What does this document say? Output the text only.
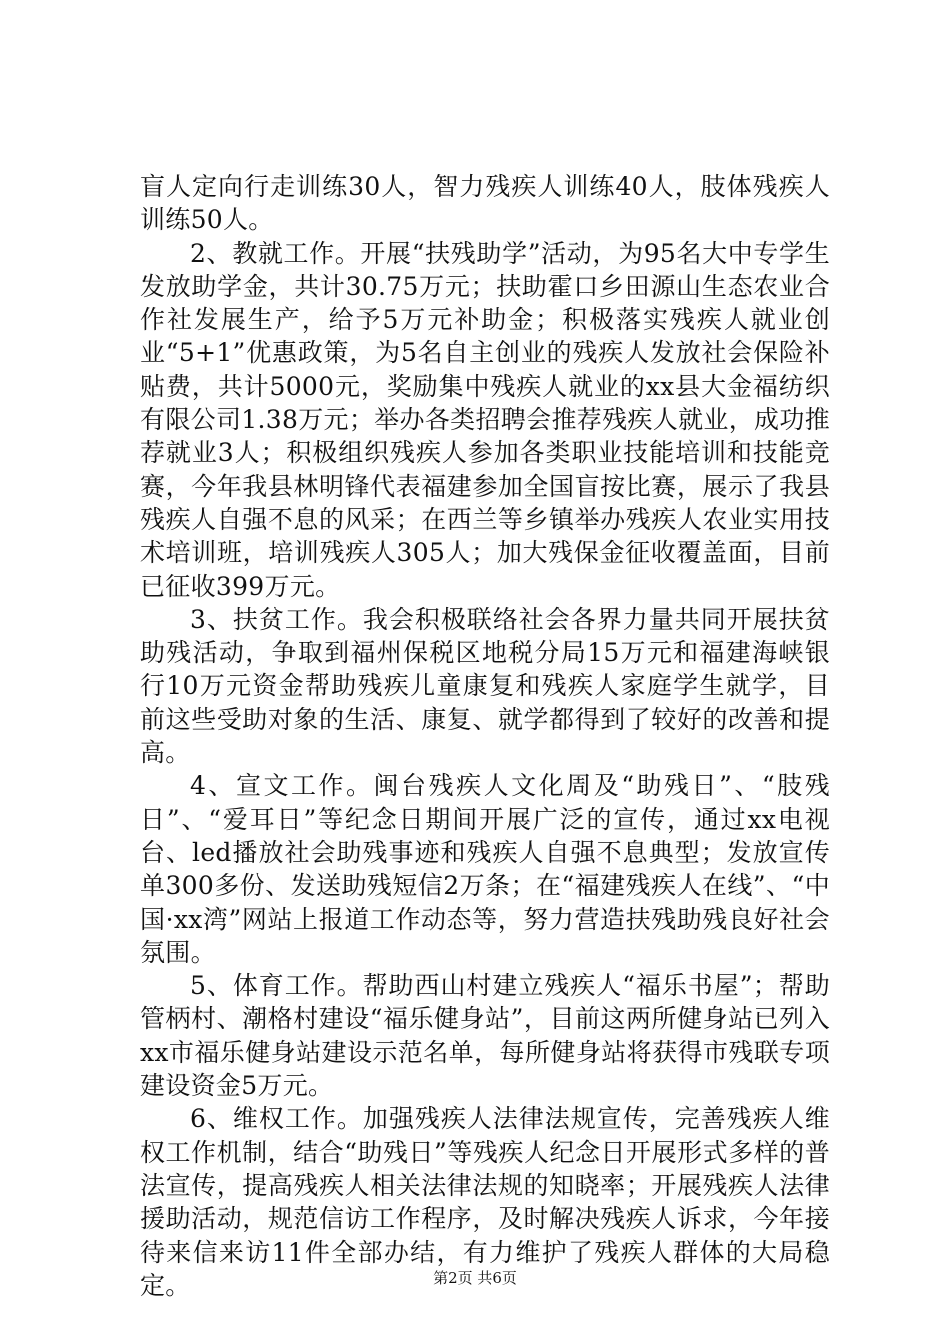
盲人定向行走训练30人，智力残疾人训练40人，肢体残疾人训练50人。

2、教就工作。开展“扶残助学”活动，为95名大中专学生发放助学金，共计30.75万元；扶助霍口乡田源山生态农业合作社发展生产，给予5万元补助金；积极落实残疾人就业创业“5+1”优惠政策，为5名自主创业的残疾人发放社会保险补贴费，共计5000元，奖励集中残疾人就业的xx县大金福纺织有限公司1.38万元；举办各类招聘会推荐残疾人就业，成功推荐就业3人；积极组织残疾人参加各类职业技能培训和技能竞赛，今年我县林明锋代表福建参加全国盲按比赛，展示了我县残疾人自强不息的风采；在西兰等乡镇举办残疾人农业实用技术培训班，培训残疾人305人；加大残保金征收覆盖面，目前已征收399万元。

3、扶贫工作。我会积极联络社会各界力量共同开展扶贫助残活动，争取到福州保税区地税分局15万元和福建海峡银行10万元资金帮助残疾儿童康复和残疾人家庭学生就学，目前这些受助对象的生活、康复、就学都得到了较好的改善和提高。

4、宣文工作。闽台残疾人文化周及“助残日”、“肢残日”、“爱耳日”等纪念日期间开展广泛的宣传，通过xx电视台、led播放社会助残事迹和残疾人自强不息典型；发放宣传单300多份、发送助残短信2万条；在“福建残疾人在线”、“中国·xx湾”网站上报道工作动态等，努力营造扶残助残良好社会氛围。

5、体育工作。帮助西山村建立残疾人“福乐书屋”；帮助管柄村、潮格村建设“福乐健身站”，目前这两所健身站已列入xx市福乐健身站建设示范名单，每所健身站将获得市残联专项建设资金5万元。

6、维权工作。加强残疾人法律法规宣传，完善残疾人维权工作机制，结合“助残日”等残疾人纪念日开展形式多样的普法宣传，提高残疾人相关法律法规的知晓率；开展残疾人法律援助活动，规范信访工作程序，及时解决残疾人诉求，今年接待来信来访11件全部办结，有力维护了残疾人群体的大局稳定。	第2页 共6页
